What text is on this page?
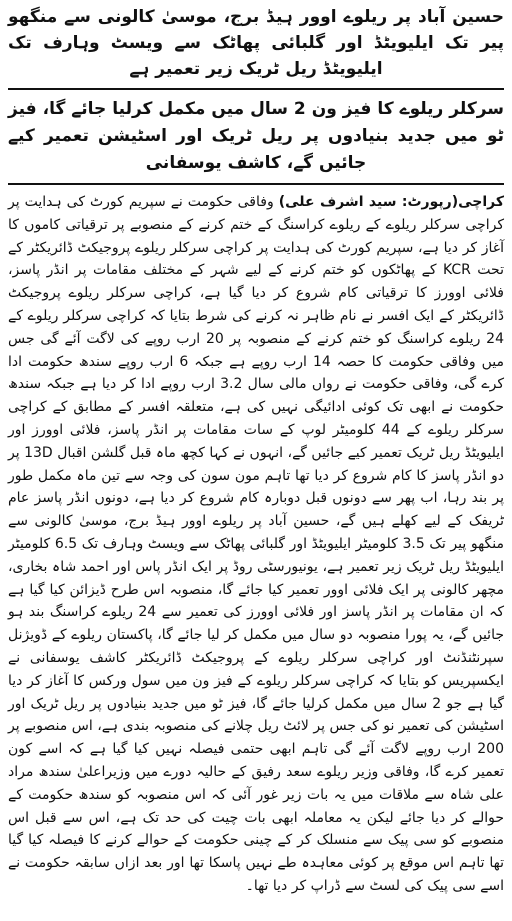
حسین آباد پر ریلوے اوور ہیڈ برج، موسیٰ کالونی سے منگھو پیر تک ایلیویٹڈ اور گلبائی پھاٹک سے ویسٹ وہارف تک ایلیویٹڈ ریل ٹریک زیر تعمیر ہے

سرکلر ریلوے کا فیز ون 2 سال میں مکمل کرلیا جائے گا، فیز ٹو میں جدید بنیادوں پر ریل ٹریک اور اسٹیشن تعمیر کیے جائیں گے، کاشف یوسفانی

کراچی(رپورٹ: سید اشرف علی) وفاقی حکومت نے سپریم کورٹ کی ہدایت پر کراچی سرکلر ریلوے کے ریلوے کراسنگ کے ختم کرنے کے منصوبے پر ترقیاتی کاموں کا آغاز کر دیا ہے، سپریم کورٹ کی ہدایت پر کراچی سرکلر ریلوے پروجیکٹ ڈائریکٹر کے تحت KCR کے پھاٹکوں کو ختم کرنے کے لیے شہر کے مختلف مقامات پر انڈر پاسز، فلائی اوورز کا ترقیاتی کام شروع کر دیا گیا ہے، کراچی سرکلر ریلوے پروجیکٹ ڈائریکٹر کے ایک افسر نے نام ظاہر نہ کرنے کی شرط بتایا کہ کراچی سرکلر ریلوے کے 24 ریلوے کراسنگ کو ختم کرنے کے منصوبہ پر 20 ارب روپے کی لاگت آئے گی جس میں وفاقی حکومت کا حصہ 14 ارب روپے ہے جبکہ 6 ارب روپے سندھ حکومت ادا کرے گی، وفاقی حکومت نے رواں مالی سال 3.2 ارب روپے ادا کر دیا ہے جبکہ سندھ حکومت نے ابھی تک کوئی ادائیگی نہیں کی ہے، متعلقہ افسر کے مطابق کے کراچی سرکلر ریلوے کے 44 کلومیٹر لوپ کے سات مقامات پر انڈر پاسز، فلائی اوورز اور ایلیویٹڈ ریل ٹریک تعمیر کیے جائیں گے، انہوں نے کہا کچھ ماہ قبل گلشن اقبال 13D پر دو انڈر پاسز کا کام شروع کر دیا تھا تاہم مون سون کی وجہ سے تین ماہ مکمل طور پر بند رہا، اب پھر سے دونوں قبل دوبارہ کام شروع کر دیا ہے، دونوں انڈر پاسز عام ٹریفک کے لیے کھلے ہیں گے، حسین آباد پر ریلوے اوور ہیڈ برج، موسیٰ کالونی سے منگھو پیر تک 3.5 کلومیٹر ایلیویٹڈ اور گلبائی پھاٹک سے ویسٹ وہارف تک 6.5 کلومیٹر ایلیویٹڈ ریل ٹریک زیر تعمیر ہے، یونیورسٹی روڈ پر ایک انڈر پاس اور احمد شاہ بخاری، مچھر کالونی پر ایک فلائی اوور تعمیر کیا جائے گا، منصوبہ اس طرح ڈیزائن کیا گیا ہے کہ ان مقامات پر انڈر پاسز اور فلائی اوورز کی تعمیر سے 24 ریلوے کراسنگ بند ہو جائیں گے، یہ پورا منصوبہ دو سال میں مکمل کر لیا جائے گا، پاکستان ریلوے کے ڈویژنل سپرنٹنڈنٹ اور کراچی سرکلر ریلوے کے پروجیکٹ ڈائریکٹر کاشف یوسفانی نے ایکسپریس کو بتایا کہ کراچی سرکلر ریلوے کے فیز ون میں سول ورکس کا آغاز کر دیا گیا ہے جو 2 سال میں مکمل کرلیا جائے گا، فیز ٹو میں جدید بنیادوں پر ریل ٹریک اور اسٹیشن کی تعمیر نو کی جس پر لائٹ ریل چلانے کی منصوبہ بندی ہے، اس منصوبے پر 200 ارب روپے لاگت آئے گی تاہم ابھی حتمی فیصلہ نہیں کیا گیا ہے کہ اسے کون تعمیر کرے گا، وفاقی وزیر ریلوے سعد رفیق کے حالیہ دورے میں وزیراعلیٰ سندھ مراد علی شاہ سے ملاقات میں یہ بات زیر غور آئی کہ اس منصوبہ کو سندھ حکومت کے حوالے کر دیا جائے لیکن یہ معاملہ ابھی بات چیت کی حد تک ہے، اس سے قبل اس منصوبے کو سی پیک سے منسلک کر کے چینی حکومت کے حوالے کرنے کا فیصلہ کیا گیا تھا تاہم اس موقع پر کوئی معاہدہ طے نہیں پاسکا تھا اور بعد ازاں سابقہ حکومت نے اسے سی پیک کی لسٹ سے ڈراپ کر دیا تھا۔
